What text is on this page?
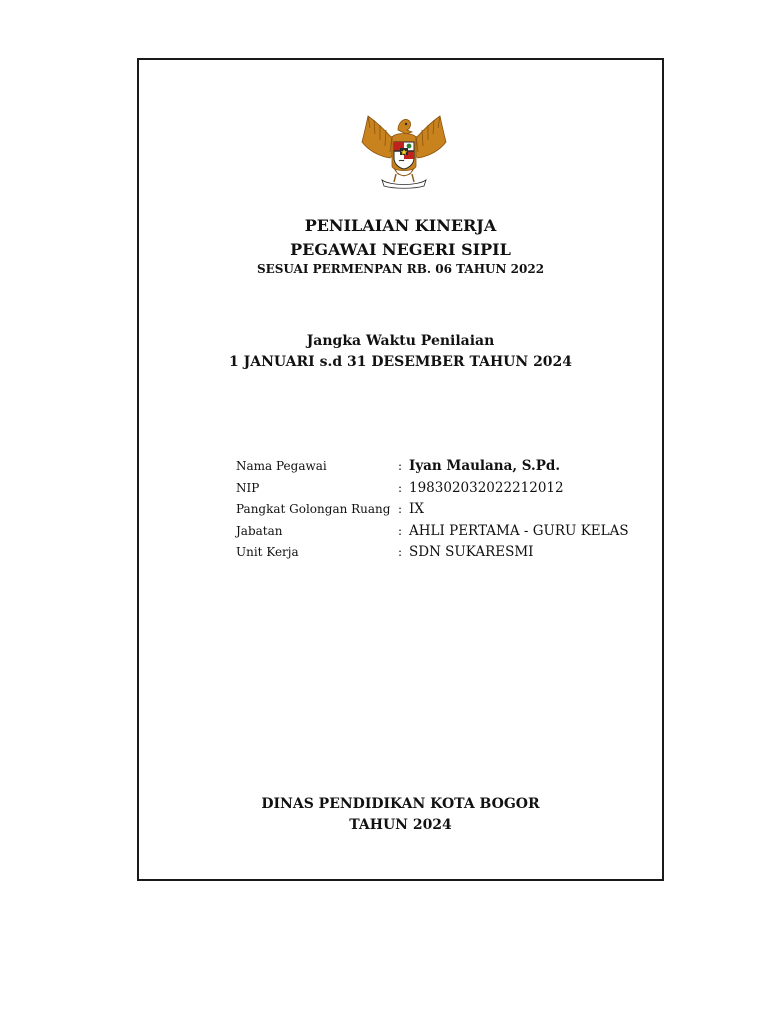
PENILAIAN KINERJA
PEGAWAI NEGERI SIPIL
SESUAI PERMENPAN RB. 06 TAHUN 2022
Jangka Waktu Penilaian
1 JANUARI s.d 31 DESEMBER TAHUN 2024
Nama Pegawai	: Iyan Maulana, S.Pd.
NIP	: 198302032022212012
Pangkat Golongan Ruang : IX
Jabatan	: AHLI PERTAMA - GURU KELAS
Unit Kerja	: SDN SUKARESMI
DINAS PENDIDIKAN KOTA BOGOR
TAHUN 2024
